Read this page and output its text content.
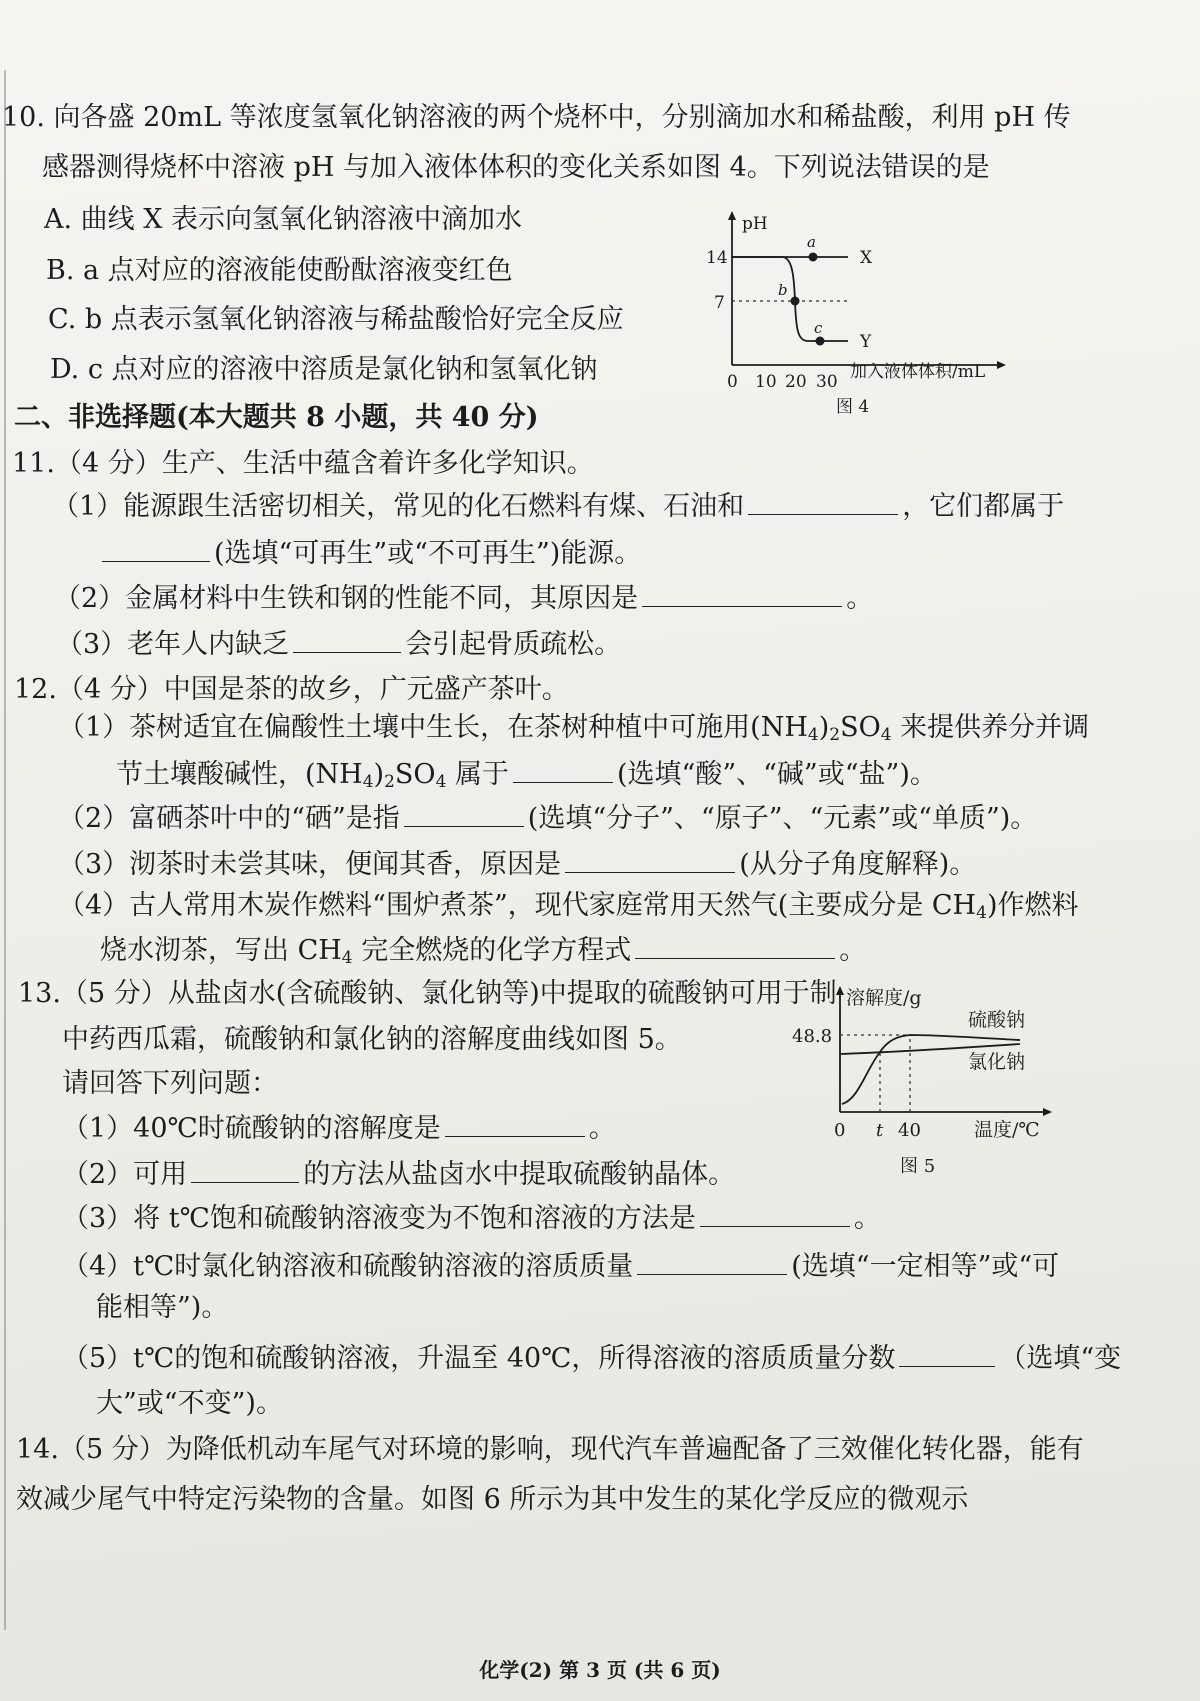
10. 向各盛 20mL 等浓度氢氧化钠溶液的两个烧杯中，分别滴加水和稀盐酸，利用 pH 传
感器测得烧杯中溶液 pH 与加入液体体积的变化关系如图 4。下列说法错误的是
A. 曲线 X 表示向氢氧化钠溶液中滴加水
B. a 点对应的溶液能使酚酞溶液变红色
C. b 点表示氢氧化钠溶液与稀盐酸恰好完全反应
D. c 点对应的溶液中溶质是氯化钠和氢氧化钠
pH
14
7
a
b
c
X
Y
0 10 20 30 加入液体体积/mL
图 4
二、非选择题(本大题共 8 小题，共 40 分)
11.（4 分）生产、生活中蕴含着许多化学知识。
（1）能源跟生活密切相关，常见的化石燃料有煤、石油和	，它们都属于
(选填“可再生”或“不可再生”)能源。
（2）金属材料中生铁和钢的性能不同，其原因是	。
（3）老年人内缺乏	会引起骨质疏松。
12.（4 分）中国是茶的故乡，广元盛产茶叶。
（1）茶树适宜在偏酸性土壤中生长，在茶树种植中可施用$(NH_4)_2SO_4$ 来提供养分并调
节土壤酸碱性，$(NH_4)_2SO_4$ 属于	(选填“酸”、“碱”或“盐”)。
（2）富硒茶叶中的“硒”是指	(选填“分子”、“原子”、“元素”或“单质”)。
（3）沏茶时未尝其味，便闻其香，原因是	(从分子角度解释)。
（4）古人常用木炭作燃料“围炉煮茶”，现代家庭常用天然气(主要成分是 $CH_4$)作燃料
烧水沏茶，写出 $CH_4$ 完全燃烧的化学方程式	。
13.（5 分）从盐卤水(含硫酸钠、氯化钠等)中提取的硫酸钠可用于制
中药西瓜霜，硫酸钠和氯化钠的溶解度曲线如图 5。
请回答下列问题：
（1）40℃时硫酸钠的溶解度是	。
（2）可用	的方法从盐卤水中提取硫酸钠晶体。
溶解度/g
48.8
硫酸钠
氯化钠
0 t 40	温度/℃
图 5
（3）将 t℃饱和硫酸钠溶液变为不饱和溶液的方法是	。
（4）t℃时氯化钠溶液和硫酸钠溶液的溶质质量	(选填“一定相等”或“可
能相等”)。
（5）t℃的饱和硫酸钠溶液，升温至 40℃，所得溶液的溶质质量分数	（选填“变
大”或“不变”)。
14.（5 分）为降低机动车尾气对环境的影响，现代汽车普遍配备了三效催化转化器，能有
效减少尾气中特定污染物的含量。如图 6 所示为其中发生的某化学反应的微观示
化学(2) 第 3 页 (共 6 页)
